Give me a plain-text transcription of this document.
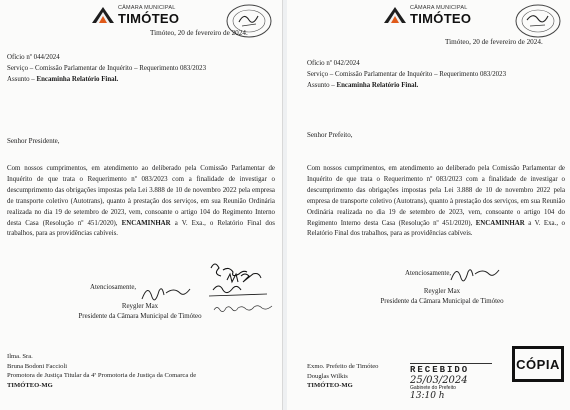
CÂMARA MUNICIPAL
TIMÓTEO
Timóteo, 20 de fevereiro de 2024.
Ofício nº 044/2024
Serviço – Comissão Parlamentar de Inquérito – Requerimento 083/2023
Assunto – Encaminha Relatório Final.
Senhor Presidente,

Com nossos cumprimentos, em atendimento ao deliberado pela Comissão Parlamentar de Inquérito de que trata o Requerimento nº 083/2023 com a finalidade de investigar o descumprimento das obrigações impostas pela Lei 3.888 de 10 de novembro 2022 pela empresa de transporte coletivo (Autotrans), quanto à prestação dos serviços, em sua Reunião Ordinária realizada no dia 19 de setembro de 2023, vem, consoante o artigo 104 do Regimento Interno desta Casa (Resolução nº 451/2020), ENCAMINHAR a V. Exa., o Relatório Final dos trabalhos, para as providências cabíveis.

Atenciosamente,
Reygler Max
Presidente da Câmara Municipal de Timóteo
Ilma. Sra.
Bruna Bodoni Faccioli
Promotora de Justiça Titular da 4ª Promotoria de Justiça da Comarca de
TIMÓTEO-MG
CÂMARA MUNICIPAL
TIMÓTEO
Timóteo, 20 de fevereiro de 2024.
Ofício nº 042/2024
Serviço – Comissão Parlamentar de Inquérito – Requerimento 083/2023
Assunto – Encaminha Relatório Final.
Senhor Prefeito,

Com nossos cumprimentos, em atendimento ao deliberado pela Comissão Parlamentar de Inquérito de que trata o Requerimento nº 083/2023 com a finalidade de investigar o descumprimento das obrigações impostas pela Lei 3.888 de 10 de novembro 2022 pela empresa de transporte coletivo (Autotrans), quanto à prestação dos serviços, em sua Reunião Ordinária realizada no dia 19 de setembro de 2023, vem, consoante o artigo 104 do Regimento Interno desta Casa (Resolução nº 451/2020), ENCAMINHAR a V. Exa., o Relatório Final dos trabalhos, para as providências cabíveis.

Atenciosamente,
Reygler Max
Presidente da Câmara Municipal de Timóteo
Exmo. Prefeito de Timóteo
Douglas Wilkis
TIMÓTEO-MG
RECEBIDO
25/03/2024
Gabinete do Prefeito
13:10 h
CÓPIA
